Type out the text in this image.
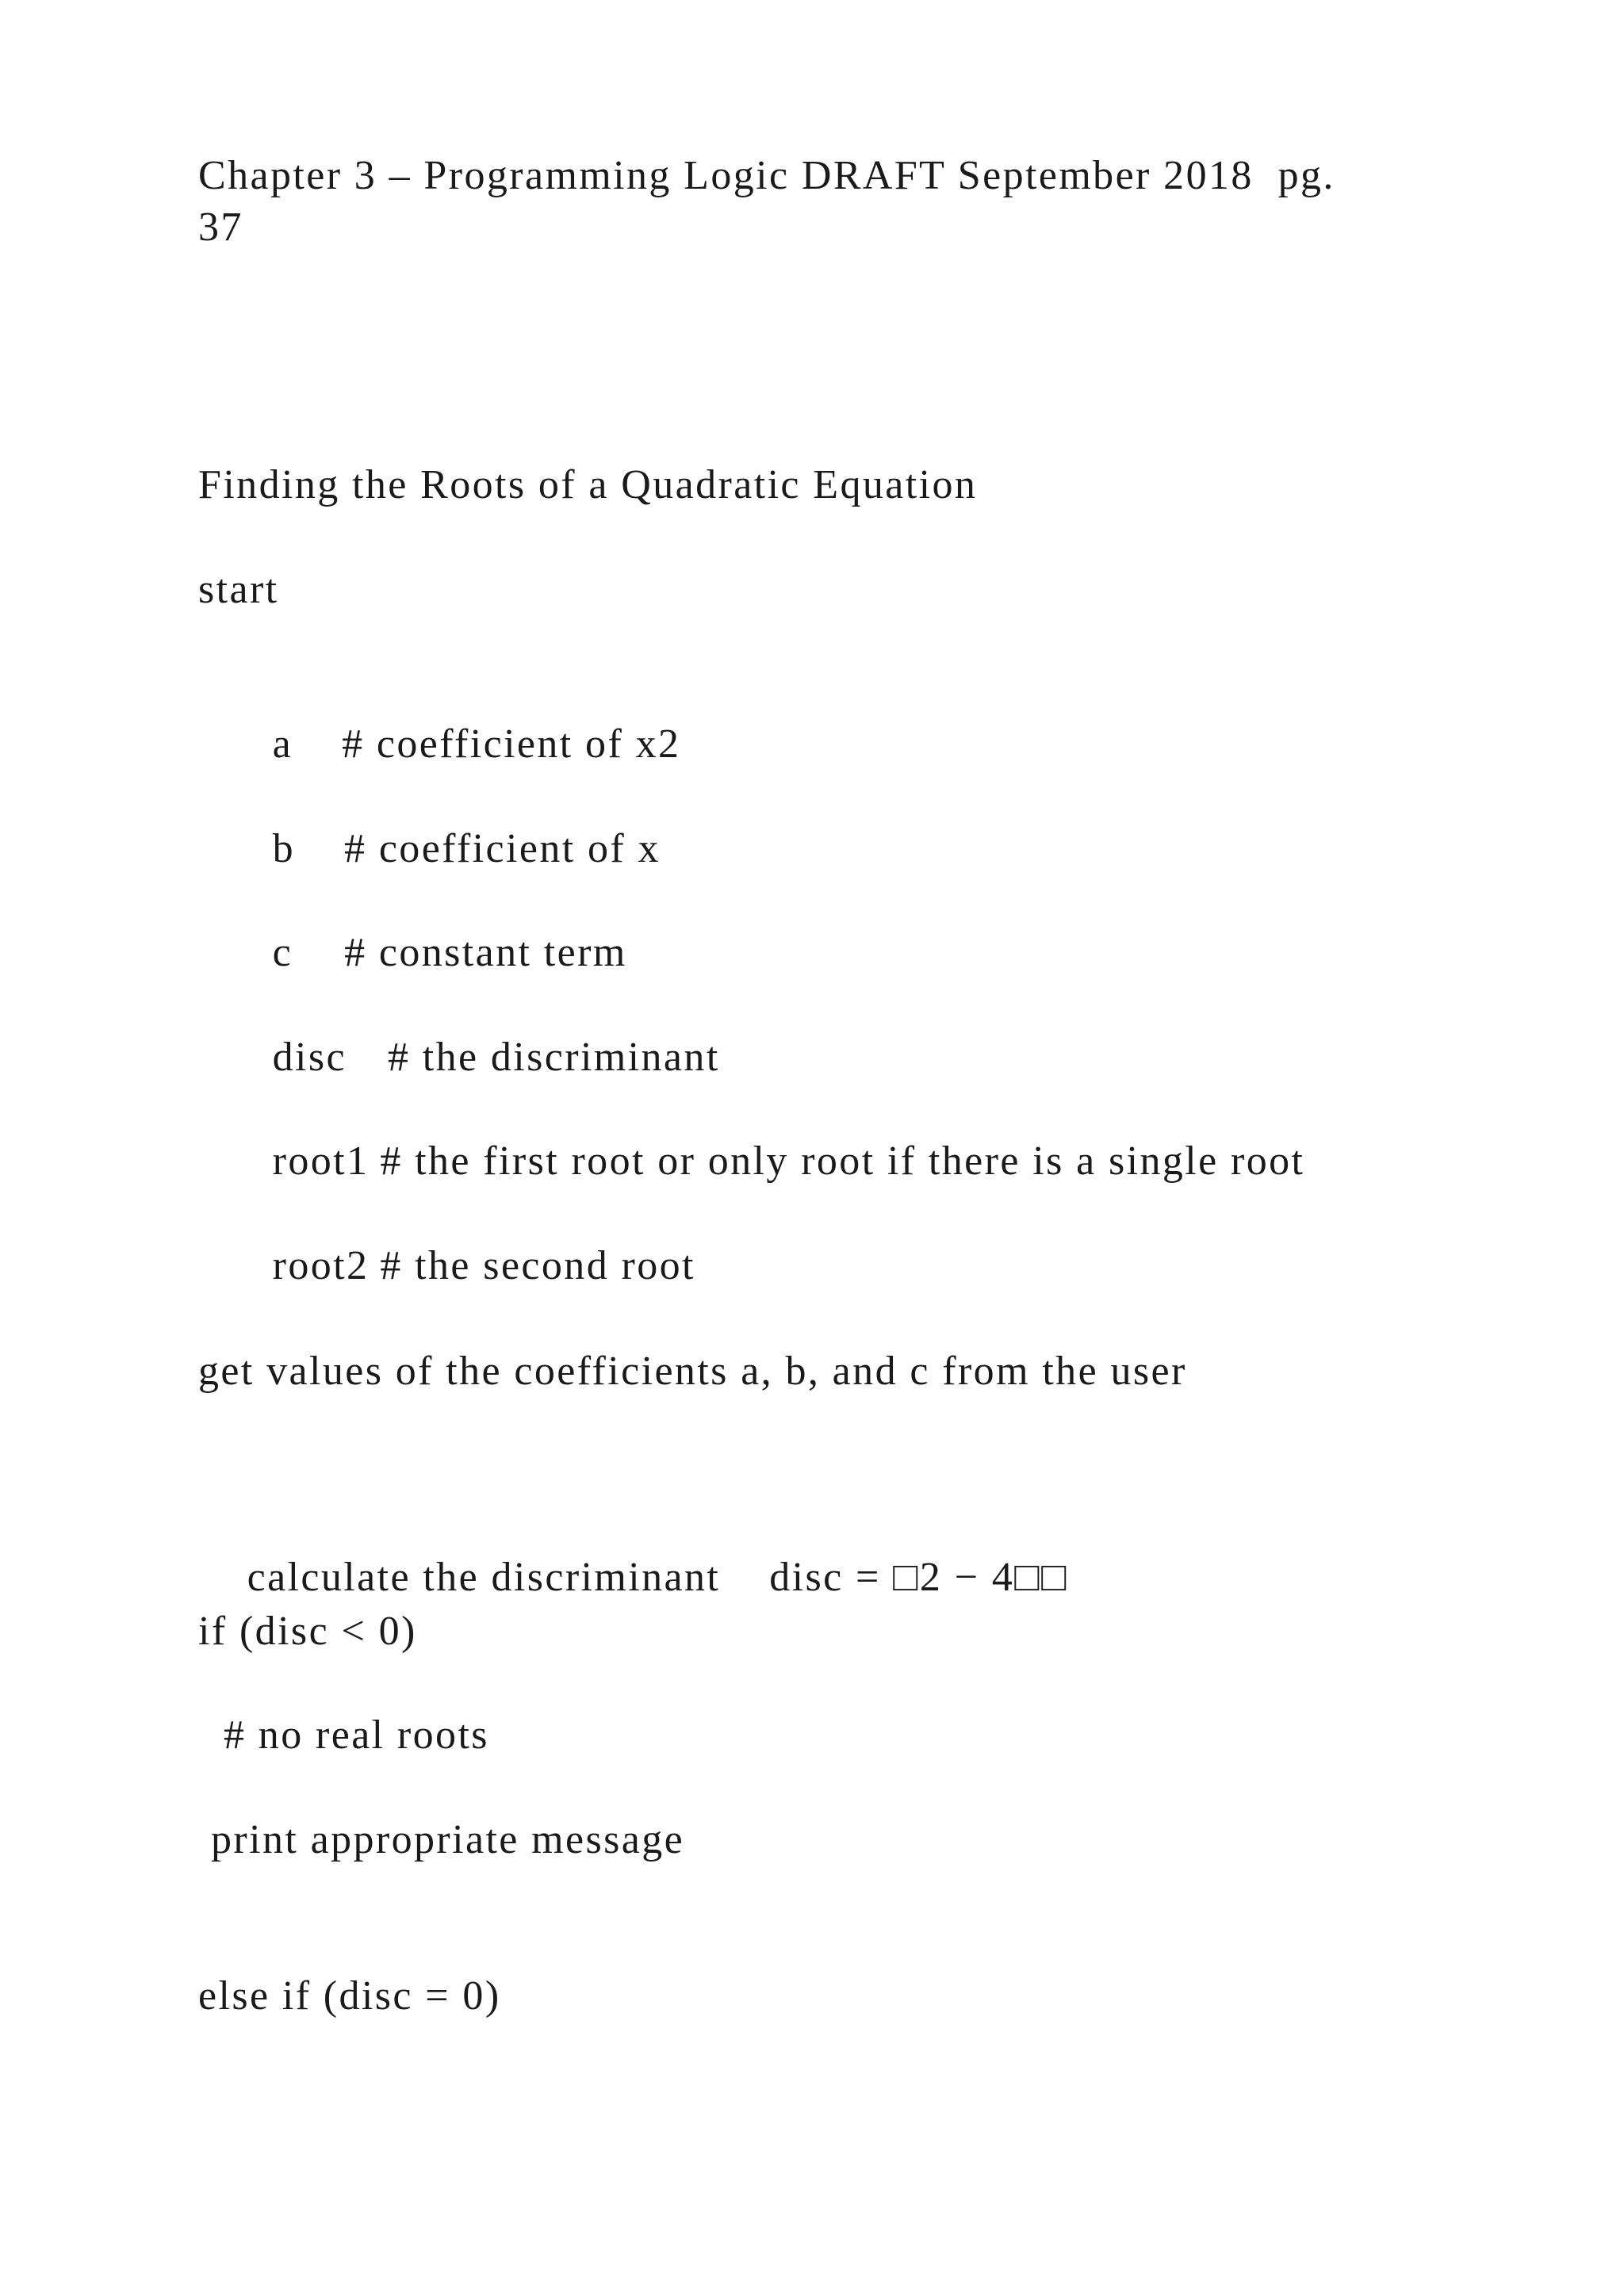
Chapter 3 – Programming Logic DRAFT September 2018  pg.
37
Finding the Roots of a Quadratic Equation
start

a # coefficient of x2

b # coefficient of x

c # constant term

disc # the discriminant

root1 # the first root or only root if there is a single root

root2 # the second root

get values of the coefficients a, b, and c from the user

calculate the discriminant disc = □2 − 4□□

if (disc < 0)
# no real roots
print appropriate message
else if (disc = 0)
